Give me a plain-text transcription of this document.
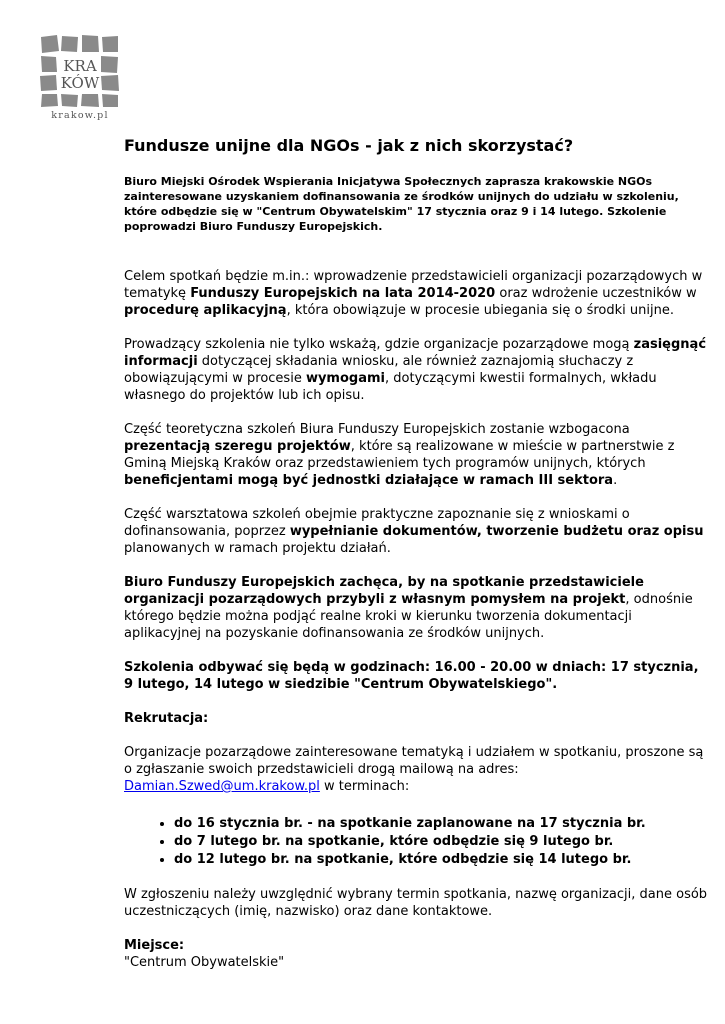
KRA
KÓW
krakow.pl
Fundusze unijne dla NGOs - jak z nich skorzystać?

Biuro Miejski Ośrodek Wspierania Inicjatywa Społecznych zaprasza krakowskie NGOs zainteresowane uzyskaniem dofinansowania ze środków unijnych do udziału w szkoleniu, które odbędzie się w "Centrum Obywatelskim" 17 stycznia oraz 9 i 14 lutego. Szkolenie poprowadzi Biuro Funduszy Europejskich.

Celem spotkań będzie m.in.: wprowadzenie przedstawicieli organizacji pozarządowych w tematykę Funduszy Europejskich na lata 2014-2020 oraz wdrożenie uczestników w procedurę aplikacyjną, która obowiązuje w procesie ubiegania się o środki unijne.

Prowadzący szkolenia nie tylko wskażą, gdzie organizacje pozarządowe mogą zasięgnąć informacji dotyczącej składania wniosku, ale również zaznajomią słuchaczy z obowiązującymi w procesie wymogami, dotyczącymi kwestii formalnych, wkładu własnego do projektów lub ich opisu.

Część teoretyczna szkoleń Biura Funduszy Europejskich zostanie wzbogacona prezentacją szeregu projektów, które są realizowane w mieście w partnerstwie z Gminą Miejską Kraków oraz przedstawieniem tych programów unijnych, których beneficjentami mogą być jednostki działające w ramach III sektora.

Część warsztatowa szkoleń obejmie praktyczne zapoznanie się z wnioskami o dofinansowania, poprzez wypełnianie dokumentów, tworzenie budżetu oraz opisu planowanych w ramach projektu działań.

Biuro Funduszy Europejskich zachęca, by na spotkanie przedstawiciele organizacji pozarządowych przybyli z własnym pomysłem na projekt, odnośnie którego będzie można podjąć realne kroki w kierunku tworzenia dokumentacji aplikacyjnej na pozyskanie dofinansowania ze środków unijnych.

Szkolenia odbywać się będą w godzinach: 16.00 - 20.00 w dniach: 17 stycznia, 9 lutego, 14 lutego w siedzibie "Centrum Obywatelskiego".

Rekrutacja:

Organizacje pozarządowe zainteresowane tematyką i udziałem w spotkaniu, proszone są o zgłaszanie swoich przedstawicieli drogą mailową na adres: Damian.Szwed@um.krakow.pl w terminach:

• do 16 stycznia br. - na spotkanie zaplanowane na 17 stycznia br.
• do 7 lutego br. na spotkanie, które odbędzie się 9 lutego br.
• do 12 lutego br. na spotkanie, które odbędzie się 14 lutego br.

W zgłoszeniu należy uwzględnić wybrany termin spotkania, nazwę organizacji, dane osób uczestniczących (imię, nazwisko) oraz dane kontaktowe.

Miejsce:

"Centrum Obywatelskie"
